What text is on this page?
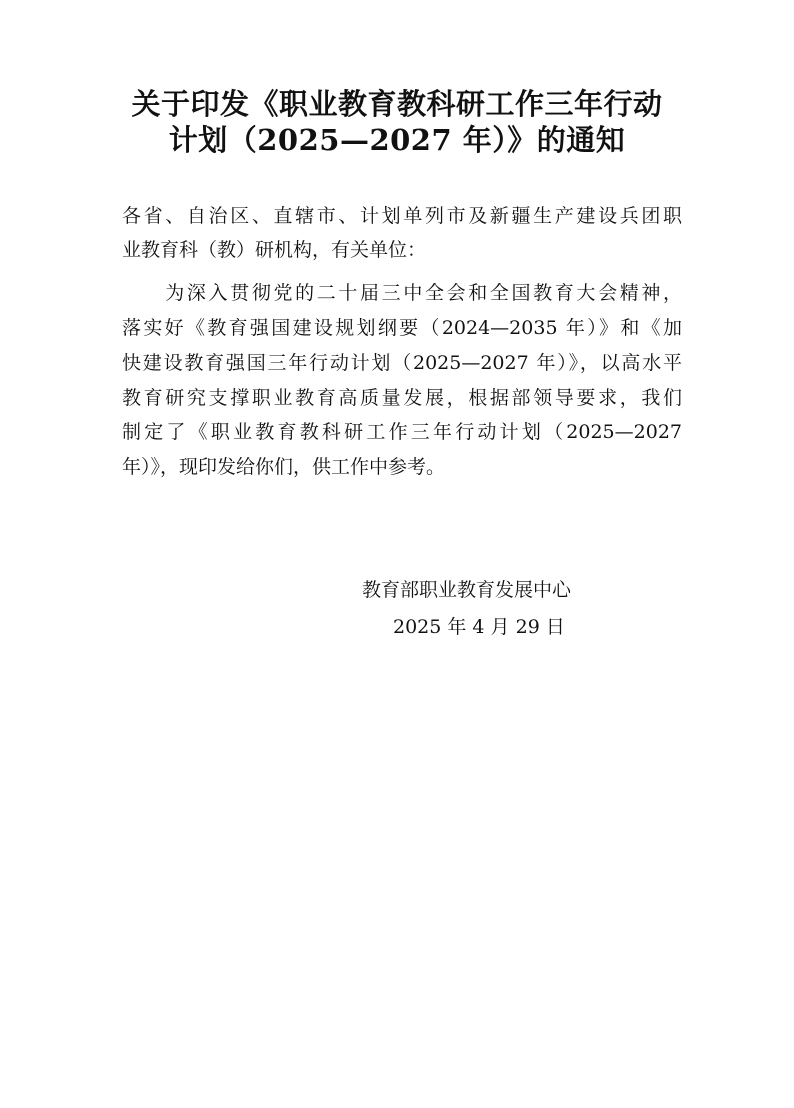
关于印发《职业教育教科研工作三年行动
计划（2025—2027 年）》的通知
各省、自治区、直辖市、计划单列市及新疆生产建设兵团职
业教育科（教）研机构，有关单位：
　　为深入贯彻党的二十届三中全会和全国教育大会精神，
落实好《教育强国建设规划纲要（2024—2035 年）》和《加
快建设教育强国三年行动计划（2025—2027 年）》，以高水平
教育研究支撑职业教育高质量发展，根据部领导要求，我们
制定了《职业教育教科研工作三年行动计划（2025—2027
年）》，现印发给你们，供工作中参考。
教育部职业教育发展中心
2025 年 4 月 29 日
